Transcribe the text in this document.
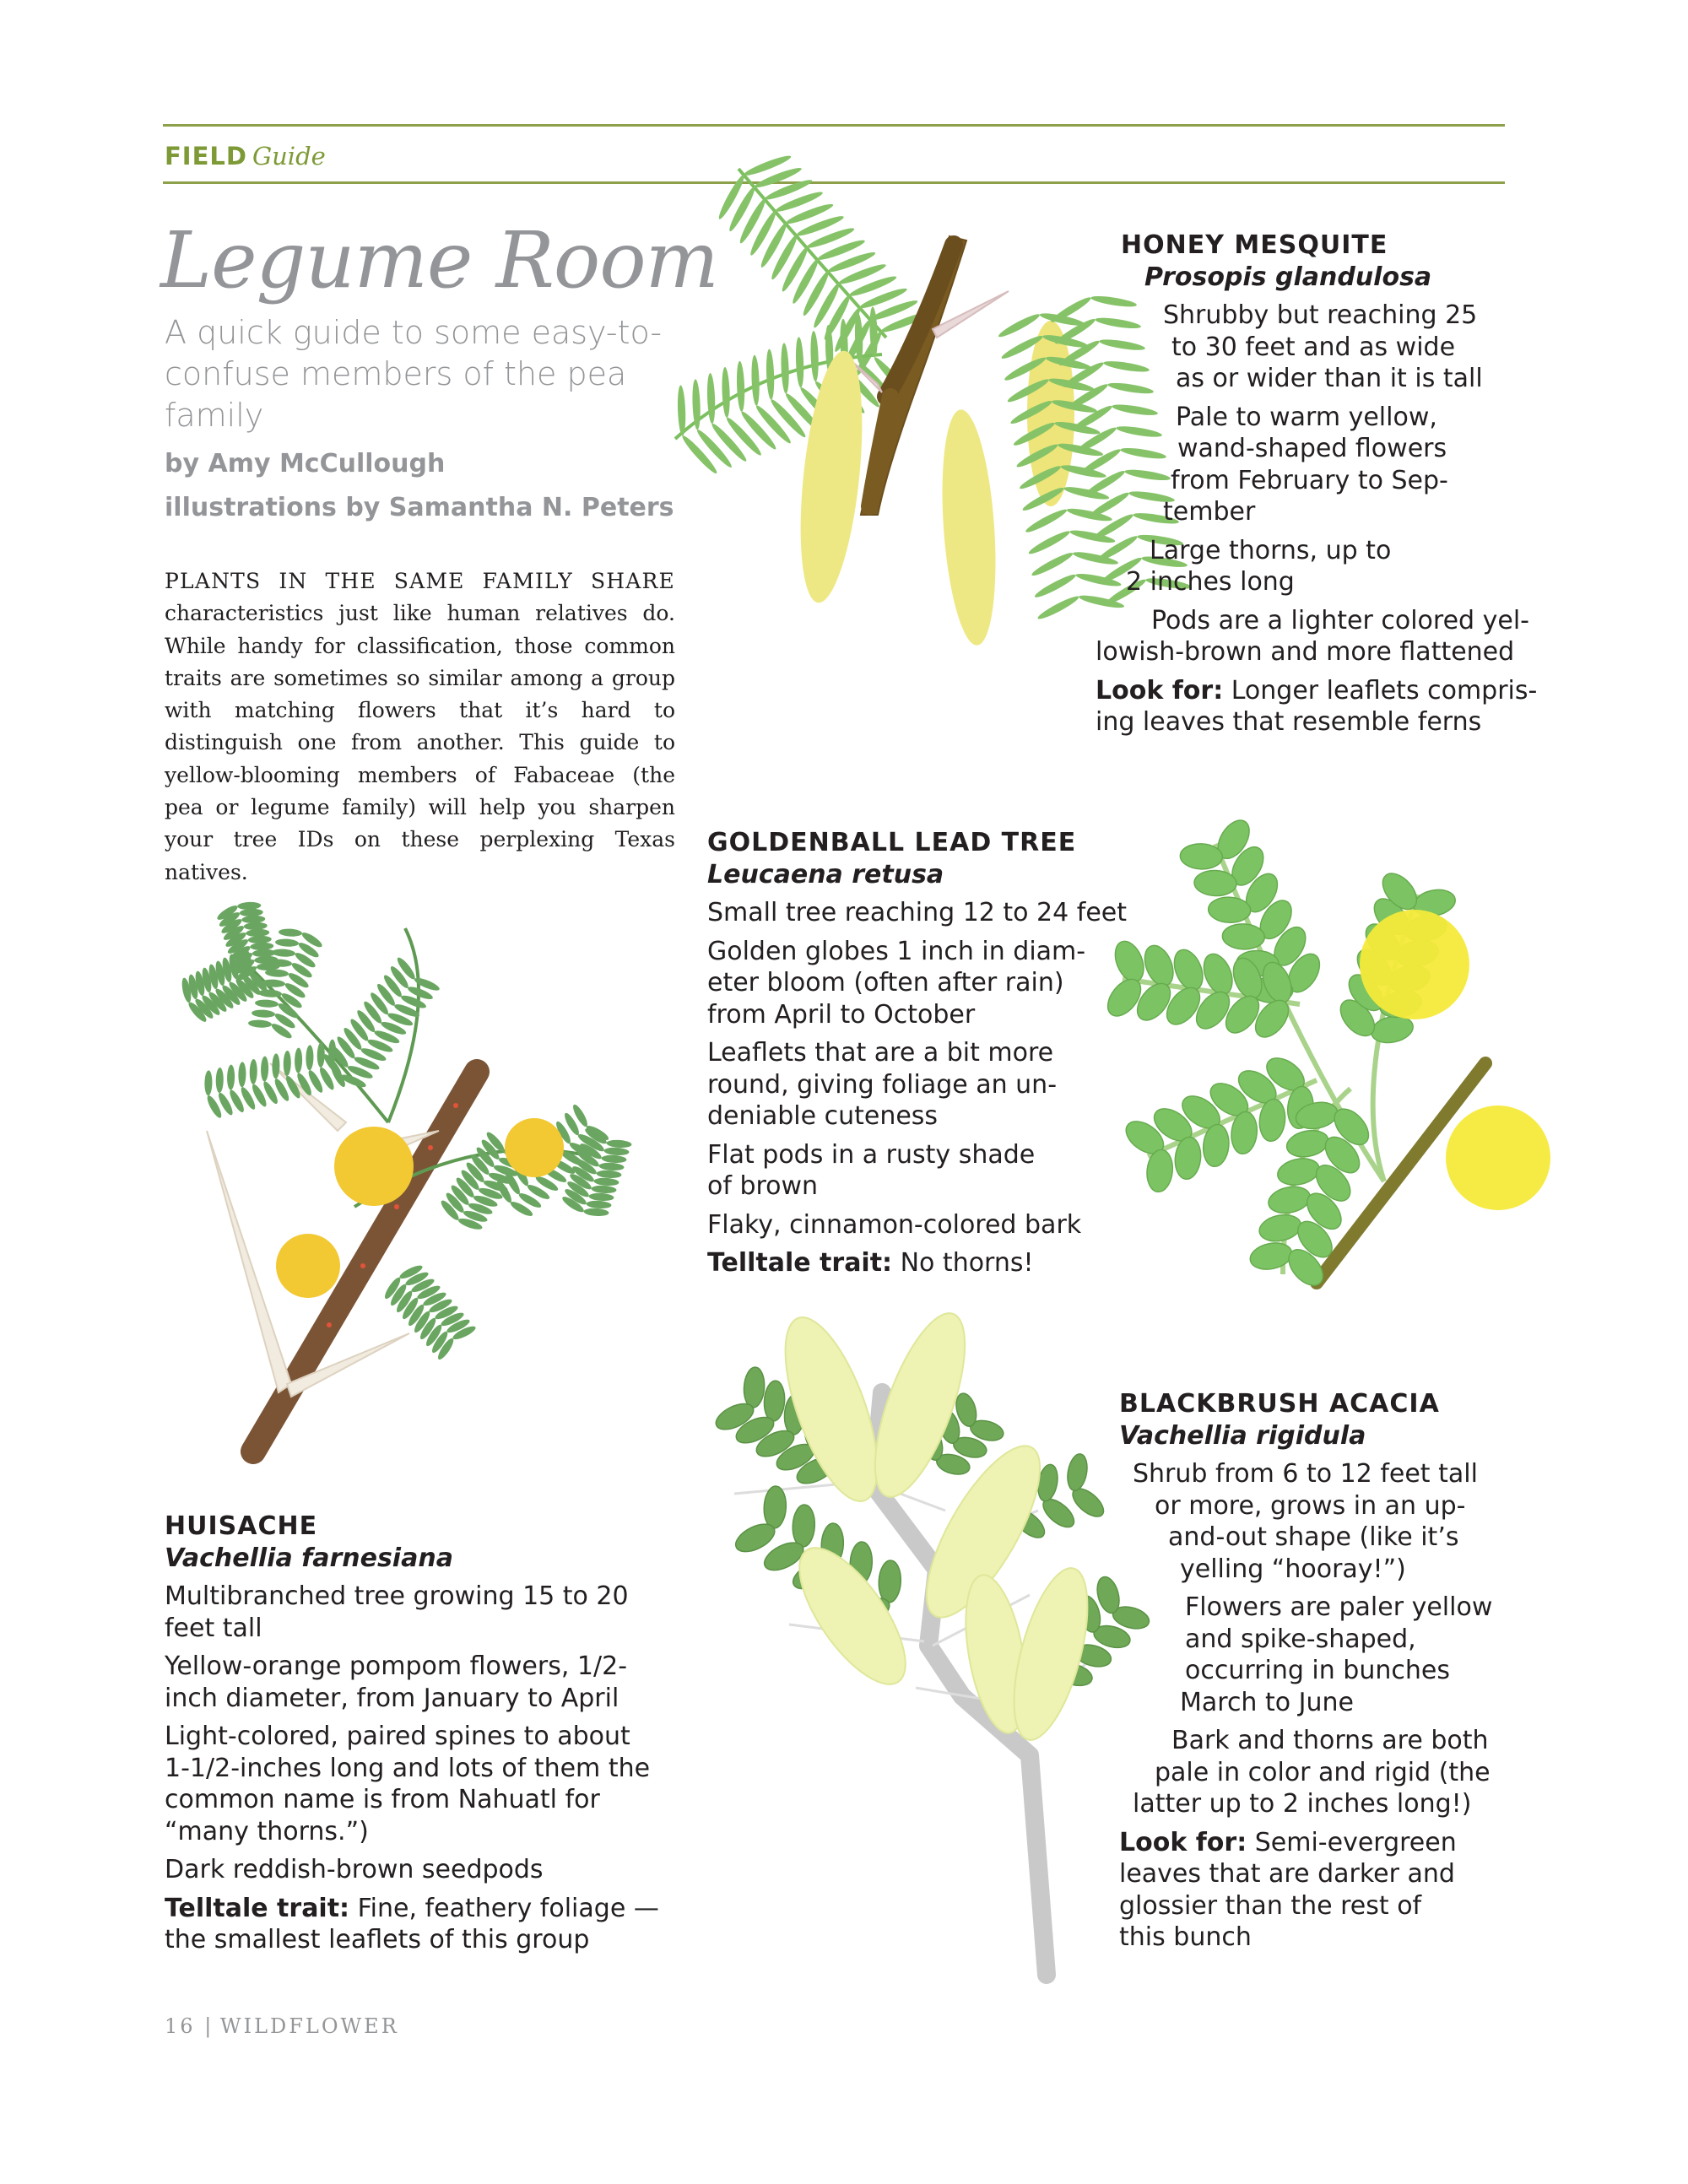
FIELD Guide
Legume Room
A quick guide to some easy-to-confuse members of the pea family
by Amy McCullough
illustrations by Samantha N. Peters
PLANTS IN THE SAME FAMILY SHARE characteristics just like human relatives do. While handy for classification, those common traits are sometimes so similar among a group with matching flowers that it’s hard to distinguish one from another. This guide to yellow-blooming members of Fabaceae (the pea or legume family) will help you sharpen your tree IDs on these perplexing Texas natives.
HONEY MESQUITE
Prosopis glandulosa
Shrubby but reaching 25
to 30 feet and as wide
as or wider than it is tall
Pale to warm yellow,
wand-shaped flowers
from February to Sep-
tember
Large thorns, up to
2 inches long
Pods are a lighter colored yel-
lowish-brown and more flattened
Look for: Longer leaflets compris-
ing leaves that resemble ferns
GOLDENBALL LEAD TREE
Leucaena retusa
Small tree reaching 12 to 24 feet
Golden globes 1 inch in diam-
eter bloom (often after rain)
from April to October
Leaflets that are a bit more
round, giving foliage an un-
deniable cuteness
Flat pods in a rusty shade
of brown
Flaky, cinnamon-colored bark
Telltale trait: No thorns!
HUISACHE
Vachellia farnesiana
Multibranched tree growing 15 to 20
feet tall
Yellow-orange pompom flowers, 1/2-
inch diameter, from January to April
Light-colored, paired spines to about
1-1/2-inches long and lots of them the
common name is from Nahuatl for
“many thorns.”)
Dark reddish-brown seedpods
Telltale trait: Fine, feathery foliage —
the smallest leaflets of this group
BLACKBRUSH ACACIA
Vachellia rigidula
Shrub from 6 to 12 feet tall
or more, grows in an up-
and-out shape (like it’s
yelling “hooray!”)
Flowers are paler yellow
and spike-shaped,
occurring in bunches
March to June
Bark and thorns are both
pale in color and rigid (the
latter up to 2 inches long!)
Look for: Semi-evergreen
leaves that are darker and
glossier than the rest of
this bunch
16 | WILDFLOWER
